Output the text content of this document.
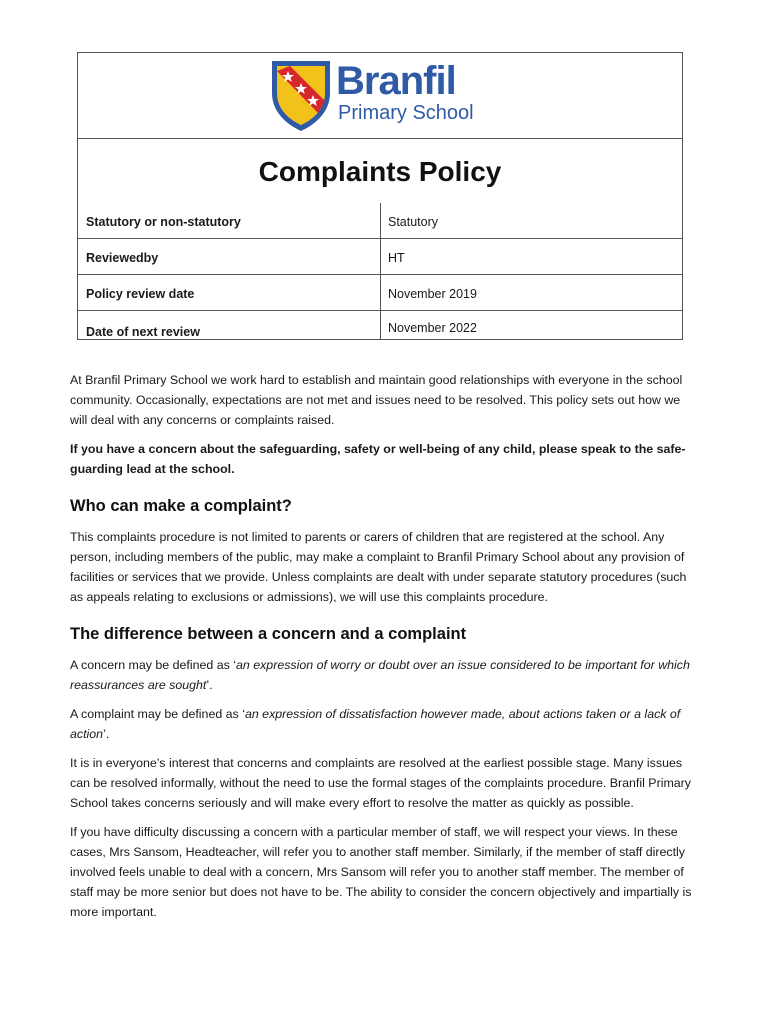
Branfil
Primary School
Complaints Policy
Statutory or non-statutory	Statutory
Reviewedby	HT
Policy review date	November 2019
Date of next review	November 2022

At Branfil Primary School we work hard to establish and maintain good relationships with everyone in the school community. Occasionally, expectations are not met and issues need to be resolved. This policy sets out how we will deal with any concerns or complaints raised.

If you have a concern about the safeguarding, safety or well-being of any child, please speak to the safe-guarding lead at the school.

Who can make a complaint?

This complaints procedure is not limited to parents or carers of children that are registered at the school. Any person, including members of the public, may make a complaint to Branfil Primary School about any provision of facilities or services that we provide. Unless complaints are dealt with under separate statutory procedures (such as appeals relating to exclusions or admissions), we will use this complaints procedure.

The difference between a concern and a complaint

A concern may be defined as ‘an expression of worry or doubt over an issue considered to be important for which reassurances are sought’.

A complaint may be defined as ‘an expression of dissatisfaction however made, about actions taken or a lack of action’.

It is in everyone’s interest that concerns and complaints are resolved at the earliest possible stage. Many issues can be resolved informally, without the need to use the formal stages of the complaints procedure. Branfil Primary School takes concerns seriously and will make every effort to resolve the matter as quickly as possible.

If you have difficulty discussing a concern with a particular member of staff, we will respect your views. In these cases, Mrs Sansom, Headteacher, will refer you to another staff member. Similarly, if the member of staff directly involved feels unable to deal with a concern, Mrs Sansom will refer you to another staff member. The member of staff may be more senior but does not have to be. The ability to consider the concern objectively and impartially is more important.
